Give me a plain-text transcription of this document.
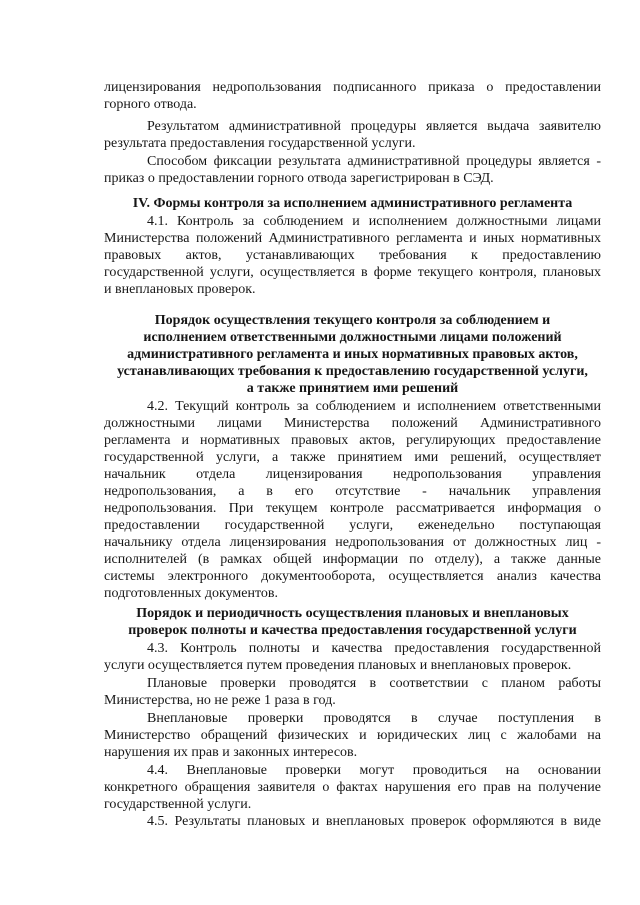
лицензирования недропользования подписанного приказа о предоставлении
горного отвода.
Результатом административной процедуры является выдача заявителю
результата предоставления государственной услуги.
Способом фиксации результата административной процедуры является -
приказ о предоставлении горного отвода зарегистрирован в СЭД.
IV. Формы контроля за исполнением административного регламента
4.1. Контроль за соблюдением и исполнением должностными лицами
Министерства положений Административного регламента и иных нормативных
правовых актов, устанавливающих требования к предоставлению
государственной услуги, осуществляется в форме текущего контроля, плановых
и внеплановых проверок.
Порядок осуществления текущего контроля за соблюдением и
исполнением ответственными должностными лицами положений
административного регламента и иных нормативных правовых актов,
устанавливающих требования к предоставлению государственной услуги,
а также принятием ими решений
4.2. Текущий контроль за соблюдением и исполнением ответственными
должностными лицами Министерства положений Административного
регламента и нормативных правовых актов, регулирующих предоставление
государственной услуги, а также принятием ими решений, осуществляет
начальник отдела лицензирования недропользования управления
недропользования, а в его отсутствие - начальник управления
недропользования. При текущем контроле рассматривается информация о
предоставлении государственной услуги, еженедельно поступающая
начальнику отдела лицензирования недропользования от должностных лиц -
исполнителей (в рамках общей информации по отделу), а также данные
системы электронного документооборота, осуществляется анализ качества
подготовленных документов.
Порядок и периодичность осуществления плановых и внеплановых
проверок полноты и качества предоставления государственной услуги
4.3. Контроль полноты и качества предоставления государственной
услуги осуществляется путем проведения плановых и внеплановых проверок.
Плановые проверки проводятся в соответствии с планом работы
Министерства, но не реже 1 раза в год.
Внеплановые проверки проводятся в случае поступления в
Министерство обращений физических и юридических лиц с жалобами на
нарушения их прав и законных интересов.
4.4. Внеплановые проверки могут проводиться на основании
конкретного обращения заявителя о фактах нарушения его прав на получение
государственной услуги.
4.5. Результаты плановых и внеплановых проверок оформляются в виде
